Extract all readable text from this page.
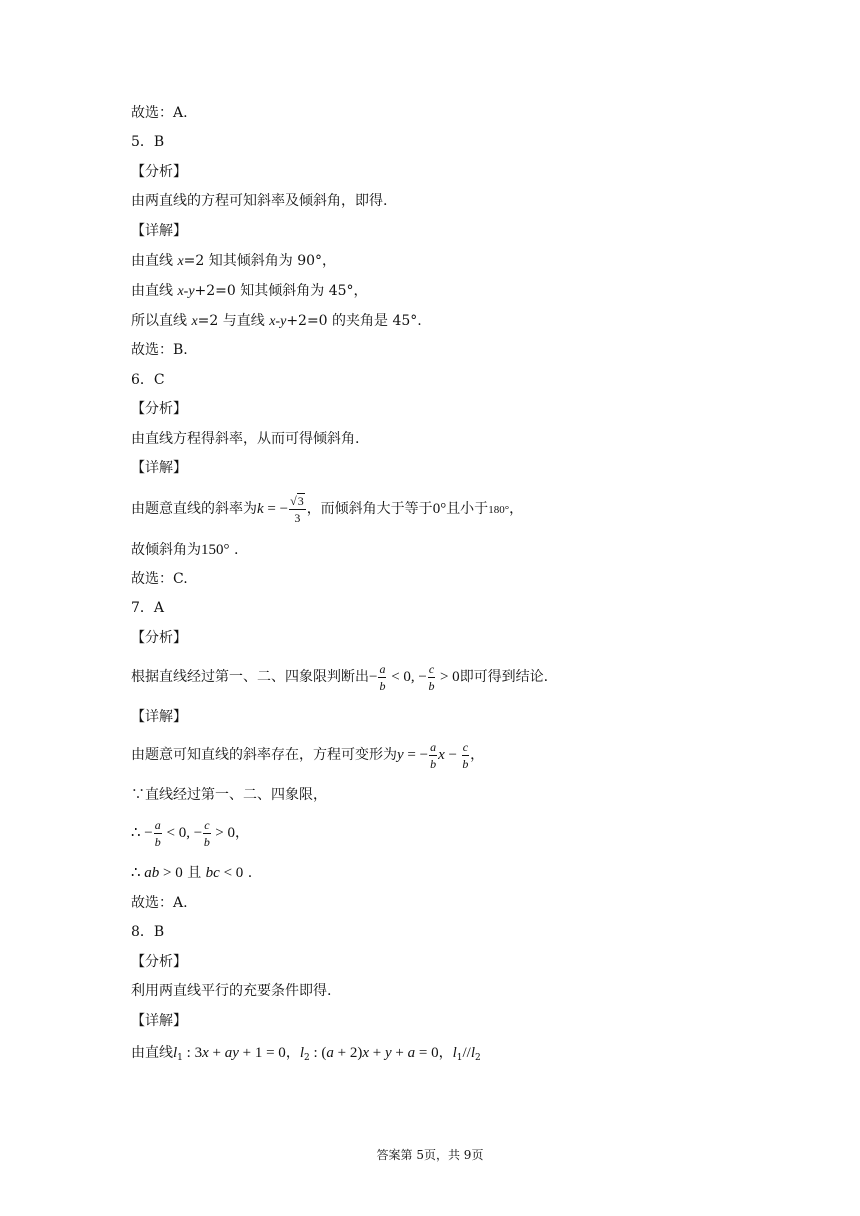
故选：A.
5．B
【分析】
由两直线的方程可知斜率及倾斜角，即得.
【详解】
由直线 x=2 知其倾斜角为 90°，
由直线 x-y+2=0 知其倾斜角为 45°，
所以直线 x=2 与直线 x-y+2=0 的夹角是 45°.
故选：B.
6．C
【分析】
由直线方程得斜率，从而可得倾斜角.
【详解】
由题意直线的斜率为k = − $\frac{√3}{3}$ ，而倾斜角大于等于0°且小于180°，
故倾斜角为150° .
故选：C.
7．A
【分析】
根据直线经过第一、二、四象限判断出− $\frac{a}{b} < 0$, − $\frac{c}{b} > 0$即可得到结论.
【详解】
由题意可知直线的斜率存在，方程可变形为y = − $\frac{a}{b}$ $x - \frac{c}{b}$ ，
∵直线经过第一、二、四象限，
∴ − $\frac{a}{b} < 0$, − $\frac{c}{b} > 0$，
∴ ab > 0 且 bc < 0 .
故选：A.
8．B
【分析】
利用两直线平行的充要条件即得.
【详解】
由直线$l_1$ : 3x + ay + 1 = 0，$l_2$ : (a + 2)x + y + a = 0，$l_1//l_2$
答案第 5页，共 9页
